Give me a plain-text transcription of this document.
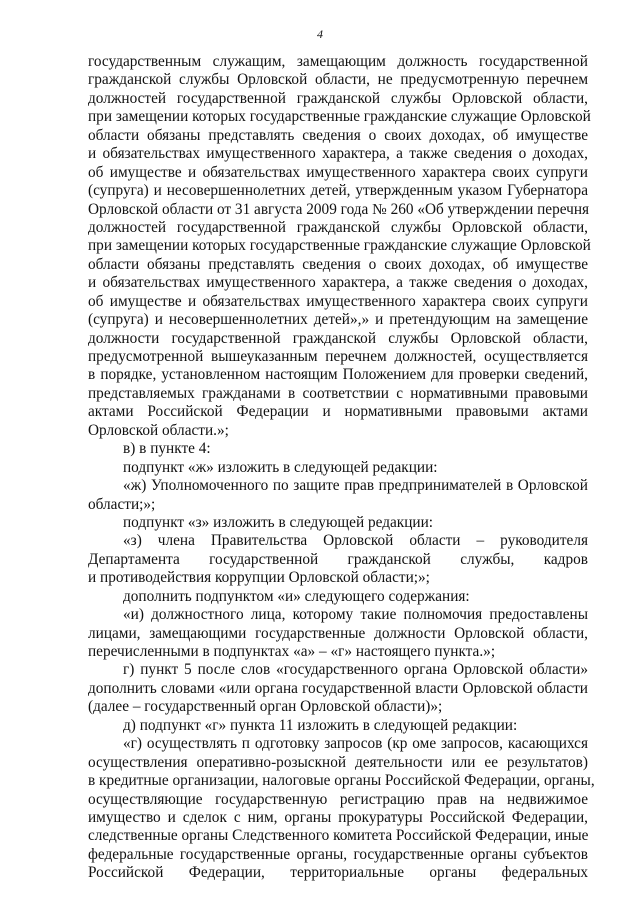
4
государственным служащим, замещающим должность государственной
гражданской службы Орловской области, не предусмотренную перечнем
должностей государственной гражданской службы Орловской области,
при замещении которых государственные гражданские служащие Орловской
области обязаны представлять сведения о своих доходах, об имуществе
и обязательствах имущественного характера, а также сведения о доходах,
об имуществе и обязательствах имущественного характера своих супруги
(супруга) и несовершеннолетних детей, утвержденным указом Губернатора
Орловской области от 31 августа 2009 года № 260 «Об утверждении перечня
должностей государственной гражданской службы Орловской области,
при замещении которых государственные гражданские служащие Орловской
области обязаны представлять сведения о своих доходах, об имуществе
и обязательствах имущественного характера, а также сведения о доходах,
об имуществе и обязательствах имущественного характера своих супруги
(супруга) и несовершеннолетних детей»,» и претендующим на замещение
должности государственной гражданской службы Орловской области,
предусмотренной вышеуказанным перечнем должностей, осуществляется
в порядке, установленном настоящим Положением для проверки сведений,
представляемых гражданами в соответствии с нормативными правовыми
актами Российской Федерации и нормативными правовыми актами
Орловской области.»;
в) в пункте 4:
подпункт «ж» изложить в следующей редакции:
«ж) Уполномоченного по защите прав предпринимателей в Орловской
области;»;
подпункт «з» изложить в следующей редакции:
«з) члена Правительства Орловской области – руководителя
Департамента государственной гражданской службы, кадров
и противодействия коррупции Орловской области;»;
дополнить подпунктом «и» следующего содержания:
«и) должностного лица, которому такие полномочия предоставлены
лицами, замещающими государственные должности Орловской области,
перечисленными в подпунктах «а» – «г» настоящего пункта.»;
г) пункт 5 после слов «государственного органа Орловской области»
дополнить словами «или органа государственной власти Орловской области
(далее – государственный орган Орловской области)»;
д) подпункт «г» пункта 11 изложить в следующей редакции:
«г) осуществлять п одготовку запросов (кр оме запросов, касающихся
осуществления оперативно-розыскной деятельности или ее результатов)
в кредитные организации, налоговые органы Российской Федерации, органы,
осуществляющие государственную регистрацию прав на недвижимое
имущество и сделок с ним, органы прокуратуры Российской Федерации,
следственные органы Следственного комитета Российской Федерации, иные
федеральные государственные органы, государственные органы субъектов
Российской Федерации, территориальные органы федеральных
